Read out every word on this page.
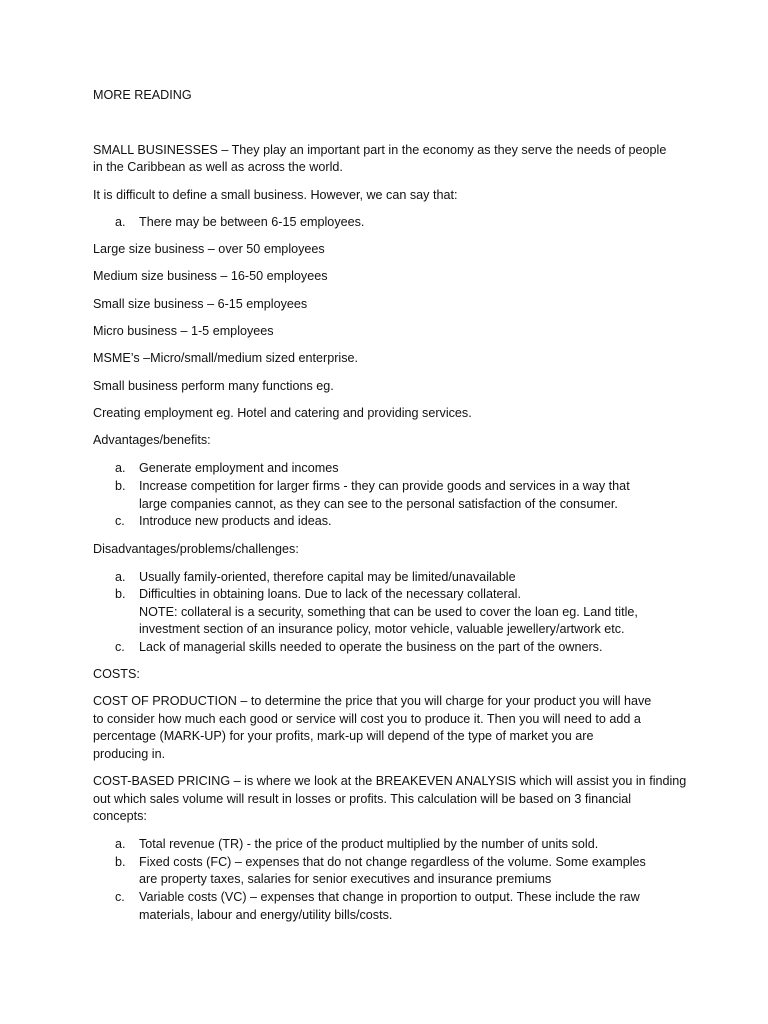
MORE READING
SMALL BUSINESSES – They play an important part in the economy as they serve the needs of people
in the Caribbean as well as across the world.
It is difficult to define a small business. However, we can say that:
a. There may be between 6-15 employees.
Large size business – over 50 employees
Medium size business – 16-50 employees
Small size business – 6-15 employees
Micro business – 1-5 employees
MSME’s –Micro/small/medium sized enterprise.
Small business perform many functions eg.
Creating employment eg. Hotel and catering and providing services.
Advantages/benefits:
a. Generate employment and incomes
b. Increase competition for larger firms - they can provide goods and services in a way that
large companies cannot, as they can see to the personal satisfaction of the consumer.
c. Introduce new products and ideas.
Disadvantages/problems/challenges:
a. Usually family-oriented, therefore capital may be limited/unavailable
b. Difficulties in obtaining loans. Due to lack of the necessary collateral.
NOTE: collateral is a security, something that can be used to cover the loan eg. Land title,
investment section of an insurance policy, motor vehicle, valuable jewellery/artwork etc.
c. Lack of managerial skills needed to operate the business on the part of the owners.
COSTS:
COST OF PRODUCTION – to determine the price that you will charge for your product you will have
to consider how much each good or service will cost you to produce it. Then you will need to add a
percentage (MARK-UP) for your profits, mark-up will depend of the type of market you are
producing in.
COST-BASED PRICING – is where we look at the BREAKEVEN ANALYSIS which will assist you in finding
out which sales volume will result in losses or profits. This calculation will be based on 3 financial
concepts:
a. Total revenue (TR) - the price of the product multiplied by the number of units sold.
b. Fixed costs (FC) – expenses that do not change regardless of the volume. Some examples
are property taxes, salaries for senior executives and insurance premiums
c. Variable costs (VC) – expenses that change in proportion to output. These include the raw
materials, labour and energy/utility bills/costs.
